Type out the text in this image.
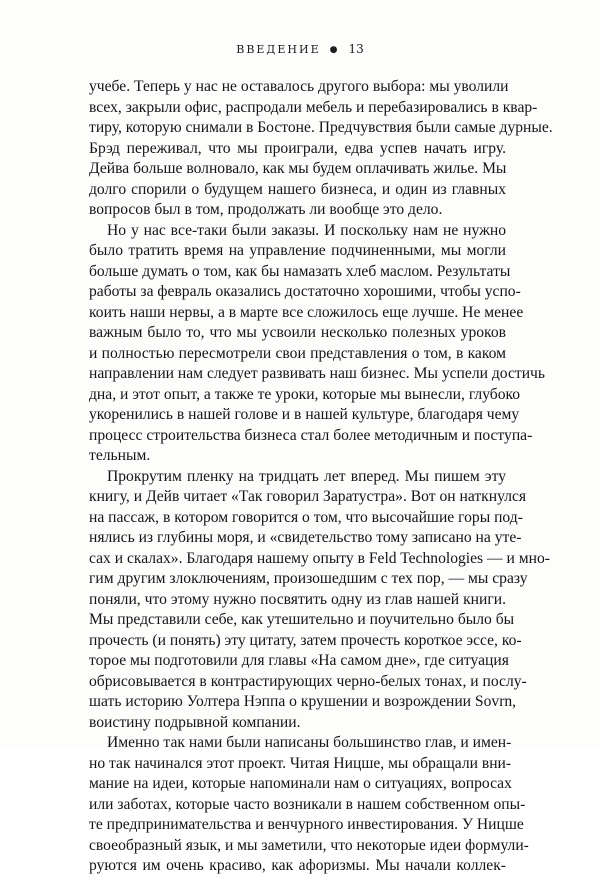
ВВЕДЕНИЕ ● 13
учебе. Теперь у нас не оставалось другого выбора: мы уволили
всех, закрыли офис, распродали мебель и перебазировались в квар-
тиру, которую снимали в Бостоне. Предчувствия были самые дурные.
Брэд переживал, что мы проиграли, едва успев начать игру.
Дейва больше волновало, как мы будем оплачивать жилье. Мы
долго спорили о будущем нашего бизнеса, и один из главных
вопросов был в том, продолжать ли вообще это дело.
Но у нас все-таки были заказы. И поскольку нам не нужно
было тратить время на управление подчиненными, мы могли
больше думать о том, как бы намазать хлеб маслом. Результаты
работы за февраль оказались достаточно хорошими, чтобы успо-
коить наши нервы, а в марте все сложилось еще лучше. Не менее
важным было то, что мы усвоили несколько полезных уроков
и полностью пересмотрели свои представления о том, в каком
направлении нам следует развивать наш бизнес. Мы успели достичь
дна, и этот опыт, а также те уроки, которые мы вынесли, глубоко
укоренились в нашей голове и в нашей культуре, благодаря чему
процесс строительства бизнеса стал более методичным и поступа-
тельным.
Прокрутим пленку на тридцать лет вперед. Мы пишем эту
книгу, и Дейв читает «Так говорил Заратустра». Вот он наткнулся
на пассаж, в котором говорится о том, что высочайшие горы под-
нялись из глубины моря, и «свидетельство тому записано на утe-
сах и скалах». Благодаря нашему опыту в Feld Technologies — и мно-
гим другим злоключениям, произошедшим с тех пор, — мы сразу
поняли, что этому нужно посвятить одну из глав нашей книги.
Мы представили себе, как утешительно и поучительно было бы
прочесть (и понять) эту цитату, затем прочесть короткое эссе, ко-
торое мы подготовили для главы «На самом дне», где ситуация
обрисовывается в контрастирующих черно-белых тонах, и послу-
шать историю Уолтера Нэппа о крушении и возрождении Sovrn,
воистину подрывной компании.
Именно так нами были написаны большинство глав, и имен-
но так начинался этот проект. Читая Ницше, мы обращали вни-
мание на идеи, которые напоминали нам о ситуациях, вопросах
или заботах, которые часто возникали в нашем собственном опы-
те предпринимательства и венчурного инвестирования. У Ницше
своеобразный язык, и мы заметили, что некоторые идеи формули-
руются им очень красиво, как афоризмы. Мы начали коллек-
